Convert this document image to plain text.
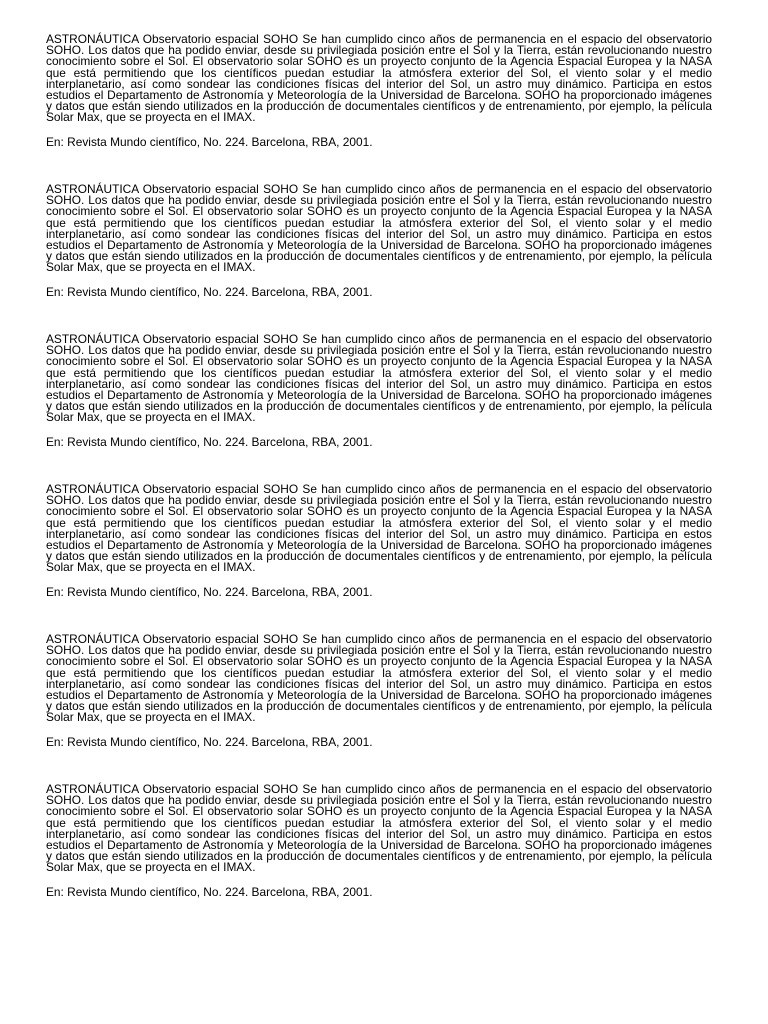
ASTRONÁUTICA Observatorio espacial SOHO Se han cumplido cinco años de permanencia en el espacio del observatorio SOHO. Los datos que ha podido enviar, desde su privilegiada posición entre el Sol y la Tierra, están revolucionando nuestro conocimiento sobre el Sol. El observatorio solar SOHO es un proyecto conjunto de la Agencia Espacial Europea y la NASA que está permitiendo que los científicos puedan estudiar la atmósfera exterior del Sol, el viento solar y el medio interplanetario, así como sondear las condiciones físicas del interior del Sol, un astro muy dinámico. Participa en estos estudios el Departamento de Astronomía y Meteorología de la Universidad de Barcelona. SOHO ha proporcionado imágenes y datos que están siendo utilizados en la producción de documentales científicos y de entrenamiento, por ejemplo, la película Solar Max, que se proyecta en el IMAX.

En: Revista Mundo científico, No. 224. Barcelona, RBA, 2001.

ASTRONÁUTICA Observatorio espacial SOHO Se han cumplido cinco años de permanencia en el espacio del observatorio SOHO. Los datos que ha podido enviar, desde su privilegiada posición entre el Sol y la Tierra, están revolucionando nuestro conocimiento sobre el Sol. El observatorio solar SOHO es un proyecto conjunto de la Agencia Espacial Europea y la NASA que está permitiendo que los científicos puedan estudiar la atmósfera exterior del Sol, el viento solar y el medio interplanetario, así como sondear las condiciones físicas del interior del Sol, un astro muy dinámico. Participa en estos estudios el Departamento de Astronomía y Meteorología de la Universidad de Barcelona. SOHO ha proporcionado imágenes y datos que están siendo utilizados en la producción de documentales científicos y de entrenamiento, por ejemplo, la película Solar Max, que se proyecta en el IMAX.

En: Revista Mundo científico, No. 224. Barcelona, RBA, 2001.

ASTRONÁUTICA Observatorio espacial SOHO Se han cumplido cinco años de permanencia en el espacio del observatorio SOHO. Los datos que ha podido enviar, desde su privilegiada posición entre el Sol y la Tierra, están revolucionando nuestro conocimiento sobre el Sol. El observatorio solar SOHO es un proyecto conjunto de la Agencia Espacial Europea y la NASA que está permitiendo que los científicos puedan estudiar la atmósfera exterior del Sol, el viento solar y el medio interplanetario, así como sondear las condiciones físicas del interior del Sol, un astro muy dinámico. Participa en estos estudios el Departamento de Astronomía y Meteorología de la Universidad de Barcelona. SOHO ha proporcionado imágenes y datos que están siendo utilizados en la producción de documentales científicos y de entrenamiento, por ejemplo, la película Solar Max, que se proyecta en el IMAX.

En: Revista Mundo científico, No. 224. Barcelona, RBA, 2001.

ASTRONÁUTICA Observatorio espacial SOHO Se han cumplido cinco años de permanencia en el espacio del observatorio SOHO. Los datos que ha podido enviar, desde su privilegiada posición entre el Sol y la Tierra, están revolucionando nuestro conocimiento sobre el Sol. El observatorio solar SOHO es un proyecto conjunto de la Agencia Espacial Europea y la NASA que está permitiendo que los científicos puedan estudiar la atmósfera exterior del Sol, el viento solar y el medio interplanetario, así como sondear las condiciones físicas del interior del Sol, un astro muy dinámico. Participa en estos estudios el Departamento de Astronomía y Meteorología de la Universidad de Barcelona. SOHO ha proporcionado imágenes y datos que están siendo utilizados en la producción de documentales científicos y de entrenamiento, por ejemplo, la película Solar Max, que se proyecta en el IMAX.

En: Revista Mundo científico, No. 224. Barcelona, RBA, 2001.

ASTRONÁUTICA Observatorio espacial SOHO Se han cumplido cinco años de permanencia en el espacio del observatorio SOHO. Los datos que ha podido enviar, desde su privilegiada posición entre el Sol y la Tierra, están revolucionando nuestro conocimiento sobre el Sol. El observatorio solar SOHO es un proyecto conjunto de la Agencia Espacial Europea y la NASA que está permitiendo que los científicos puedan estudiar la atmósfera exterior del Sol, el viento solar y el medio interplanetario, así como sondear las condiciones físicas del interior del Sol, un astro muy dinámico. Participa en estos estudios el Departamento de Astronomía y Meteorología de la Universidad de Barcelona. SOHO ha proporcionado imágenes y datos que están siendo utilizados en la producción de documentales científicos y de entrenamiento, por ejemplo, la película Solar Max, que se proyecta en el IMAX.

En: Revista Mundo científico, No. 224. Barcelona, RBA, 2001.

ASTRONÁUTICA Observatorio espacial SOHO Se han cumplido cinco años de permanencia en el espacio del observatorio SOHO. Los datos que ha podido enviar, desde su privilegiada posición entre el Sol y la Tierra, están revolucionando nuestro conocimiento sobre el Sol. El observatorio solar SOHO es un proyecto conjunto de la Agencia Espacial Europea y la NASA que está permitiendo que los científicos puedan estudiar la atmósfera exterior del Sol, el viento solar y el medio interplanetario, así como sondear las condiciones físicas del interior del Sol, un astro muy dinámico. Participa en estos estudios el Departamento de Astronomía y Meteorología de la Universidad de Barcelona. SOHO ha proporcionado imágenes y datos que están siendo utilizados en la producción de documentales científicos y de entrenamiento, por ejemplo, la película Solar Max, que se proyecta en el IMAX.

En: Revista Mundo científico, No. 224. Barcelona, RBA, 2001.
